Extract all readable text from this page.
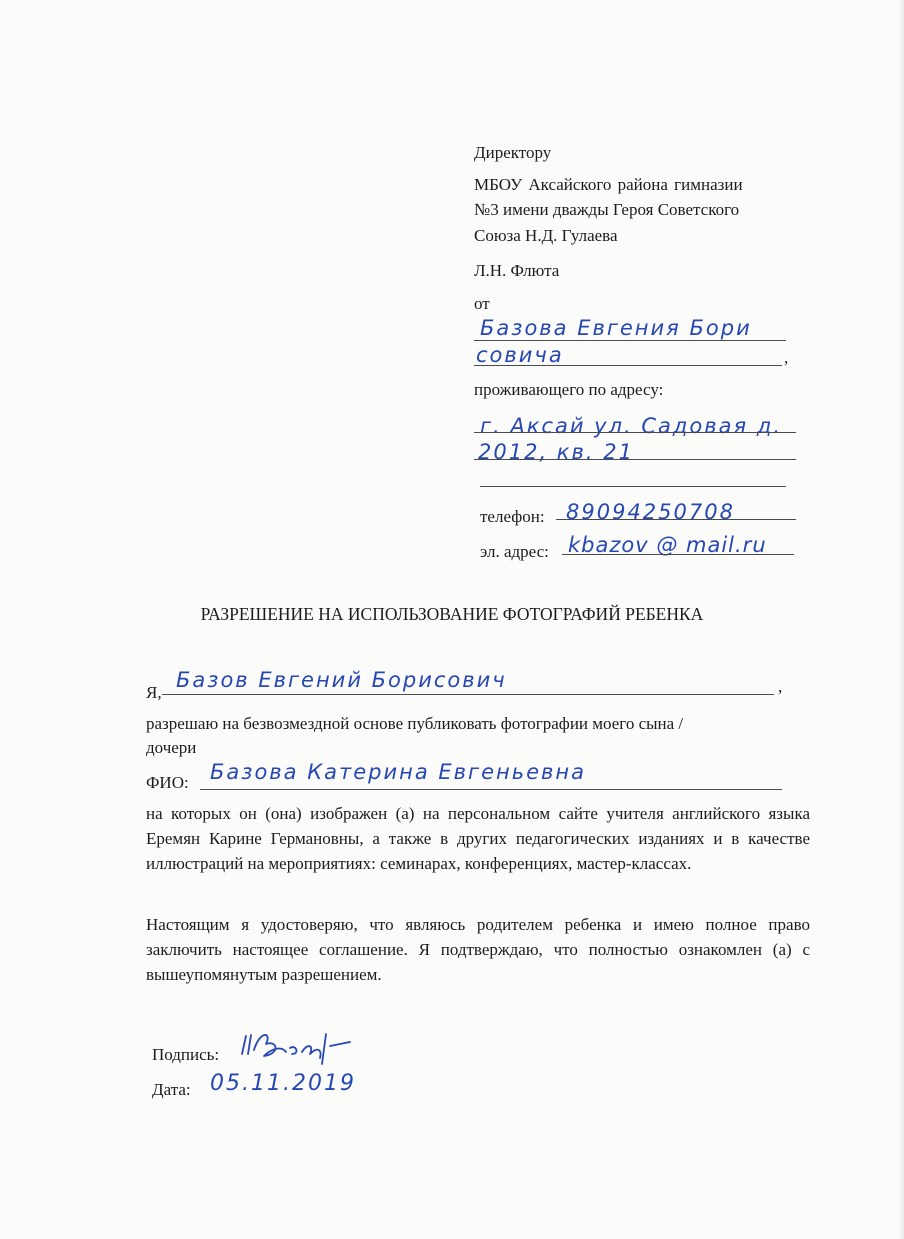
Директору
МБОУ Аксайского района гимназии
№3 имени дважды Героя Советского
Союза Н.Д. Гулаева
Л.Н. Флюта
от
Базова Евгения Бори
совича	,
проживающего по адресу:
г. Аксай ул. Садовая д.
2012, кв. 21
телефон: 89094250708
эл. адрес: kbazov @ mail.ru
РАЗРЕШЕНИЕ НА ИСПОЛЬЗОВАНИЕ ФОТОГРАФИЙ РЕБЕНКА
Я,
Базов Евгений Борисович	,
разрешаю на безвозмездной основе публиковать фотографии моего сына /
дочери
ФИО: Базова Катерина Евгеньевна
на которых он (она) изображен (а) на персональном сайте учителя английского языка Еремян Карине Германовны, а также в других педагогических изданиях и в качестве иллюстраций на мероприятиях: семинарах, конференциях, мастер-классах.
Настоящим я удостоверяю, что являюсь родителем ребенка и имею полное право заключить настоящее соглашение. Я подтверждаю, что полностью ознакомлен (а) с вышеупомянутым разрешением.
Подпись:
Дата: 05.11.2019
